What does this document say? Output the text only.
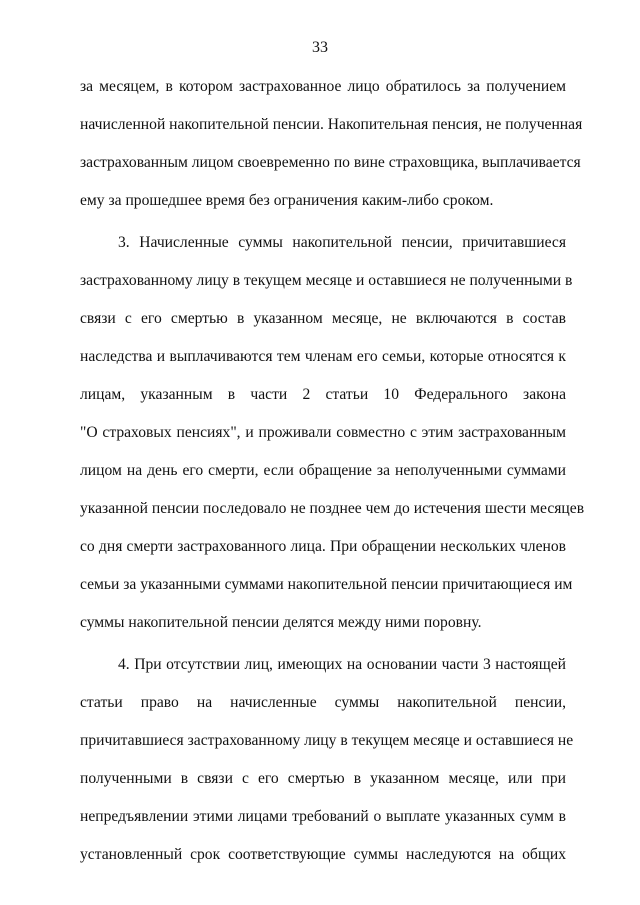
33
за месяцем, в котором застрахованное лицо обратилось за получением
начисленной накопительной пенсии. Накопительная пенсия, не полученная
застрахованным лицом своевременно по вине страховщика, выплачивается
ему за прошедшее время без ограничения каким-либо сроком.
3. Начисленные суммы накопительной пенсии, причитавшиеся
застрахованному лицу в текущем месяце и оставшиеся не полученными в
связи с его смертью в указанном месяце, не включаются в состав
наследства и выплачиваются тем членам его семьи, которые относятся к
лицам, указанным в части 2 статьи 10 Федерального закона
"О страховых пенсиях", и проживали совместно с этим застрахованным
лицом на день его смерти, если обращение за неполученными суммами
указанной пенсии последовало не позднее чем до истечения шести месяцев
со дня смерти застрахованного лица. При обращении нескольких членов
семьи за указанными суммами накопительной пенсии причитающиеся им
суммы накопительной пенсии делятся между ними поровну.
4. При отсутствии лиц, имеющих на основании части 3 настоящей
статьи право на начисленные суммы накопительной пенсии,
причитавшиеся застрахованному лицу в текущем месяце и оставшиеся не
полученными в связи с его смертью в указанном месяце, или при
непредъявлении этими лицами требований о выплате указанных сумм в
установленный срок соответствующие суммы наследуются на общих
